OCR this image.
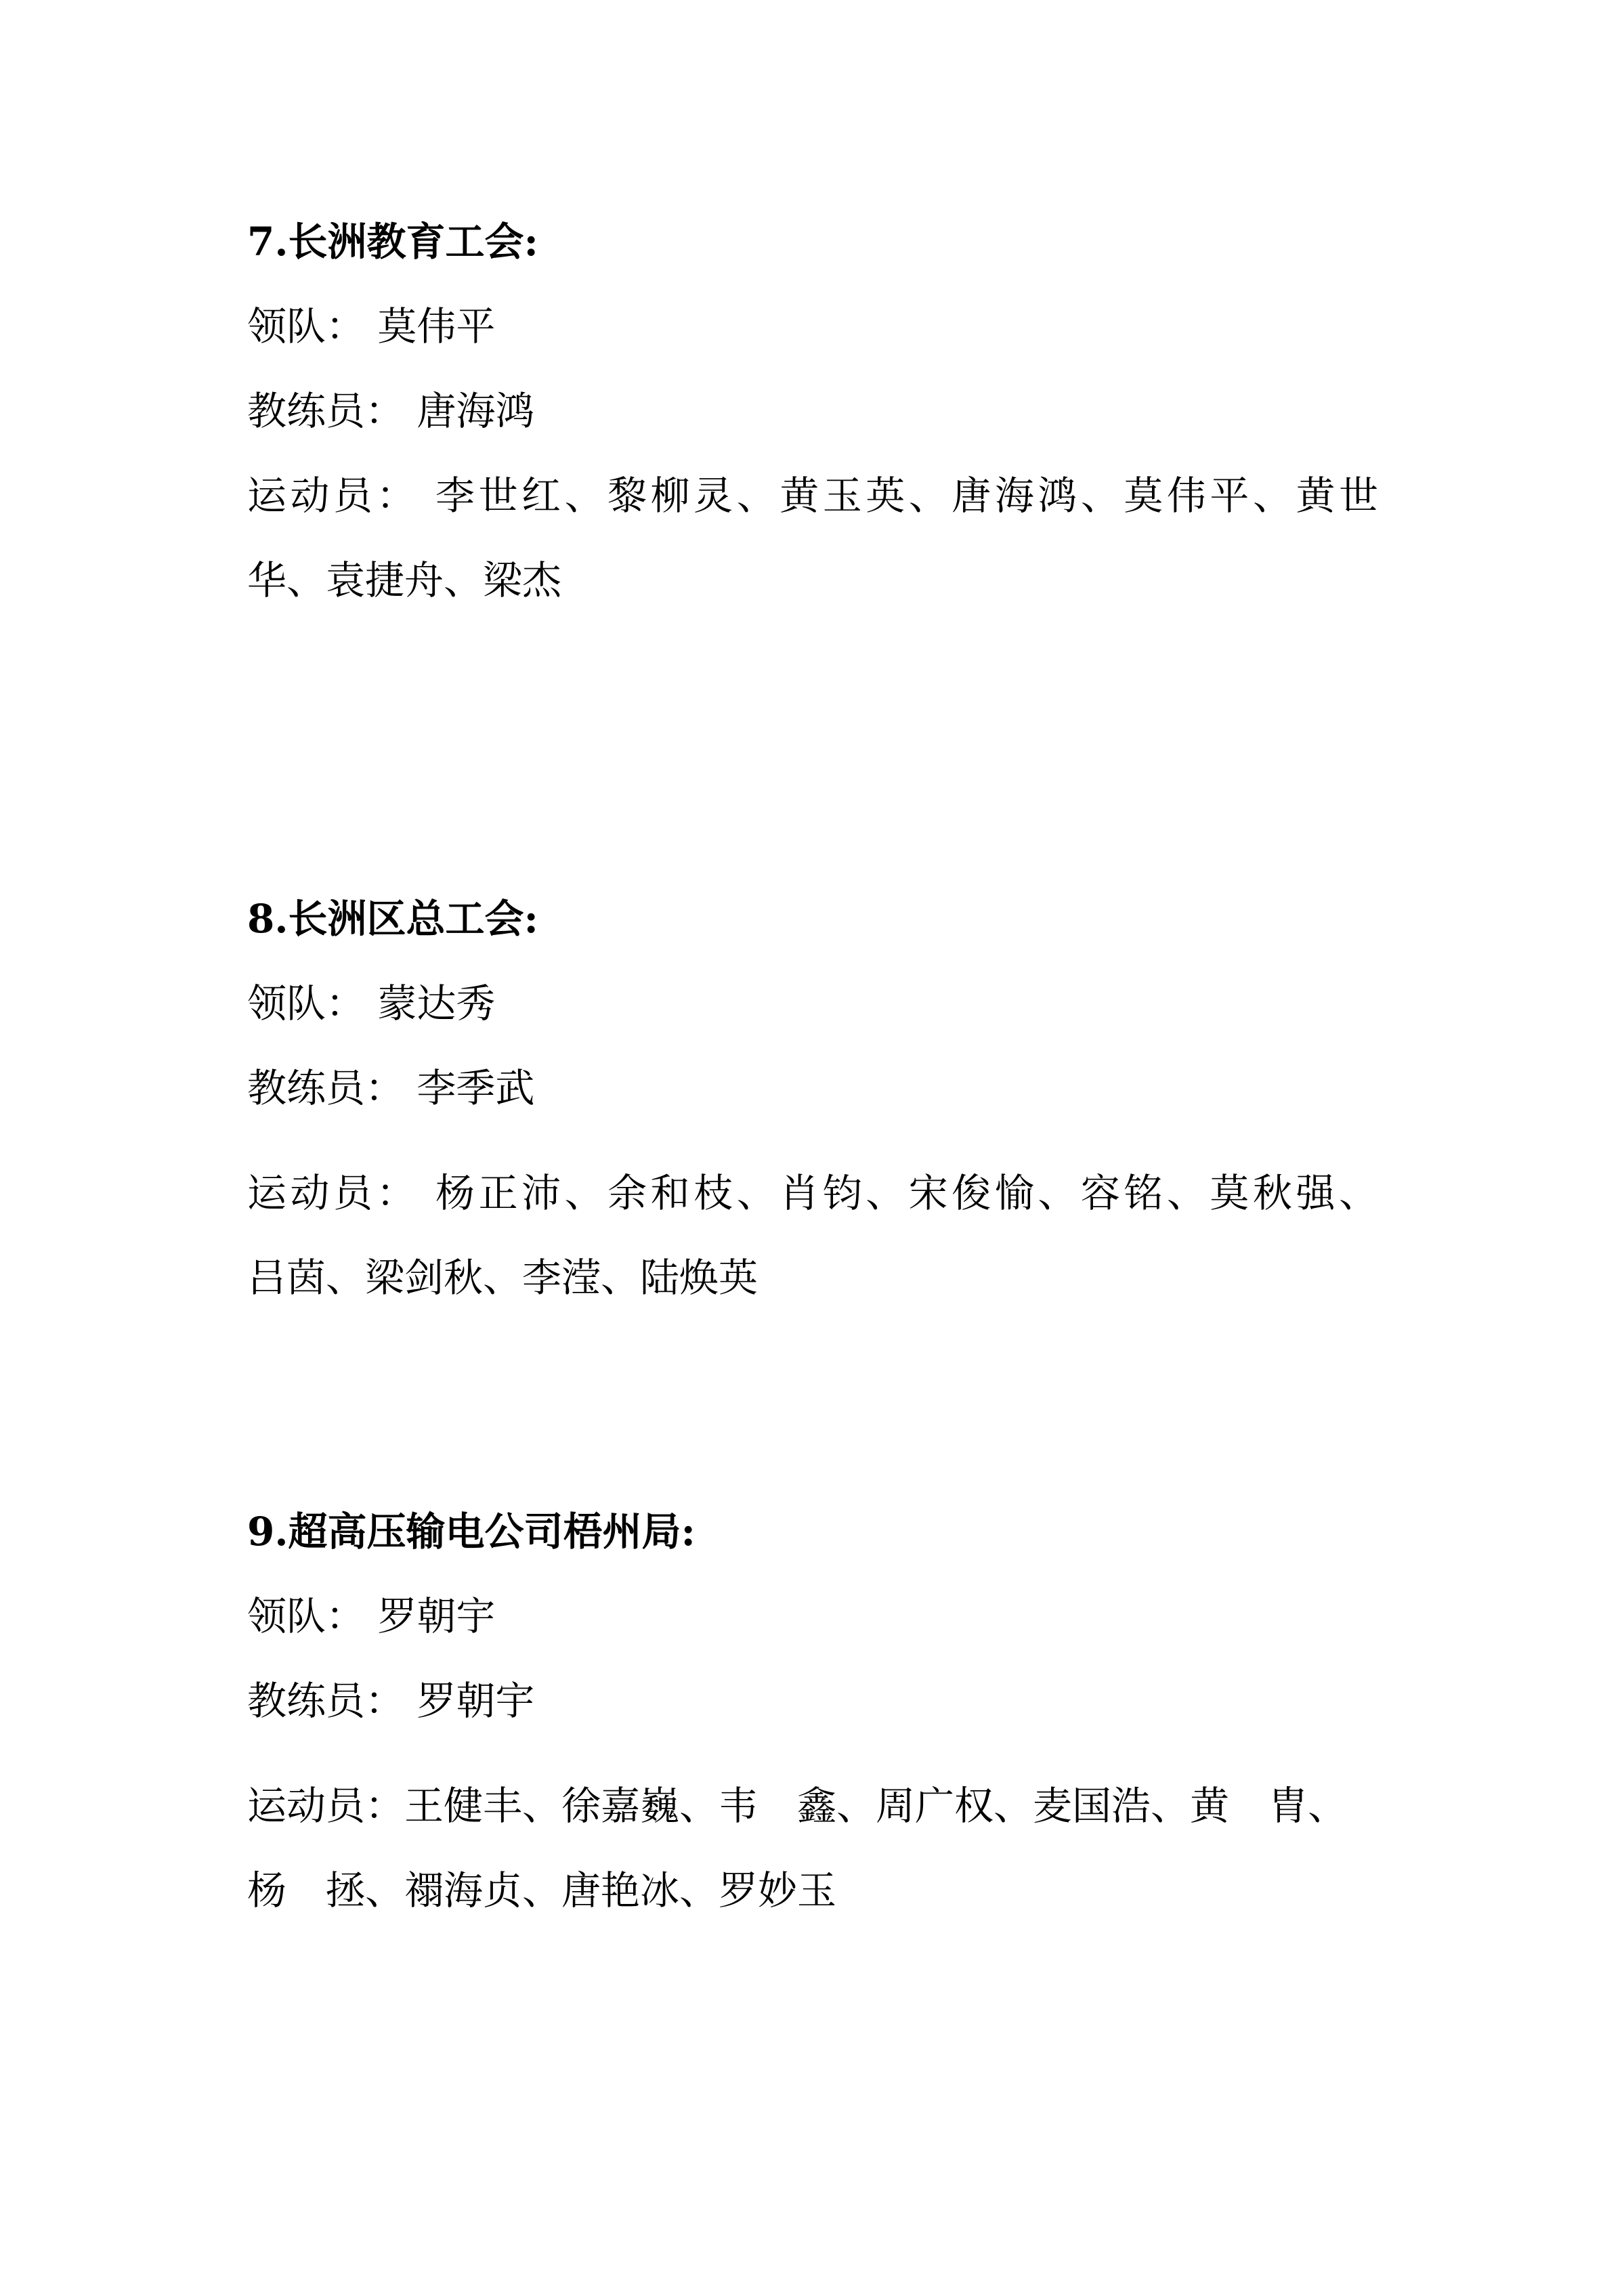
7.长洲教育工会:
领队： 莫伟平
教练员： 唐海鸿
运动员： 李世红、黎柳灵、黄玉英、唐海鸿、莫伟平、黄世
华、袁捷舟、梁杰
8.长洲区总工会:
领队： 蒙达秀
教练员： 李季武
运动员： 杨正沛、余和枝、肖钧、宋俊愉、容铭、莫秋强、
吕茵、梁剑秋、李滢、陆焕英
9.超高压输电公司梧州局:
领队： 罗朝宇
教练员： 罗朝宇
运动员：王健丰、徐嘉巍、韦　鑫、周广权、麦国浩、黄　胄、
杨　拯、禤海贞、唐艳冰、罗妙玉
